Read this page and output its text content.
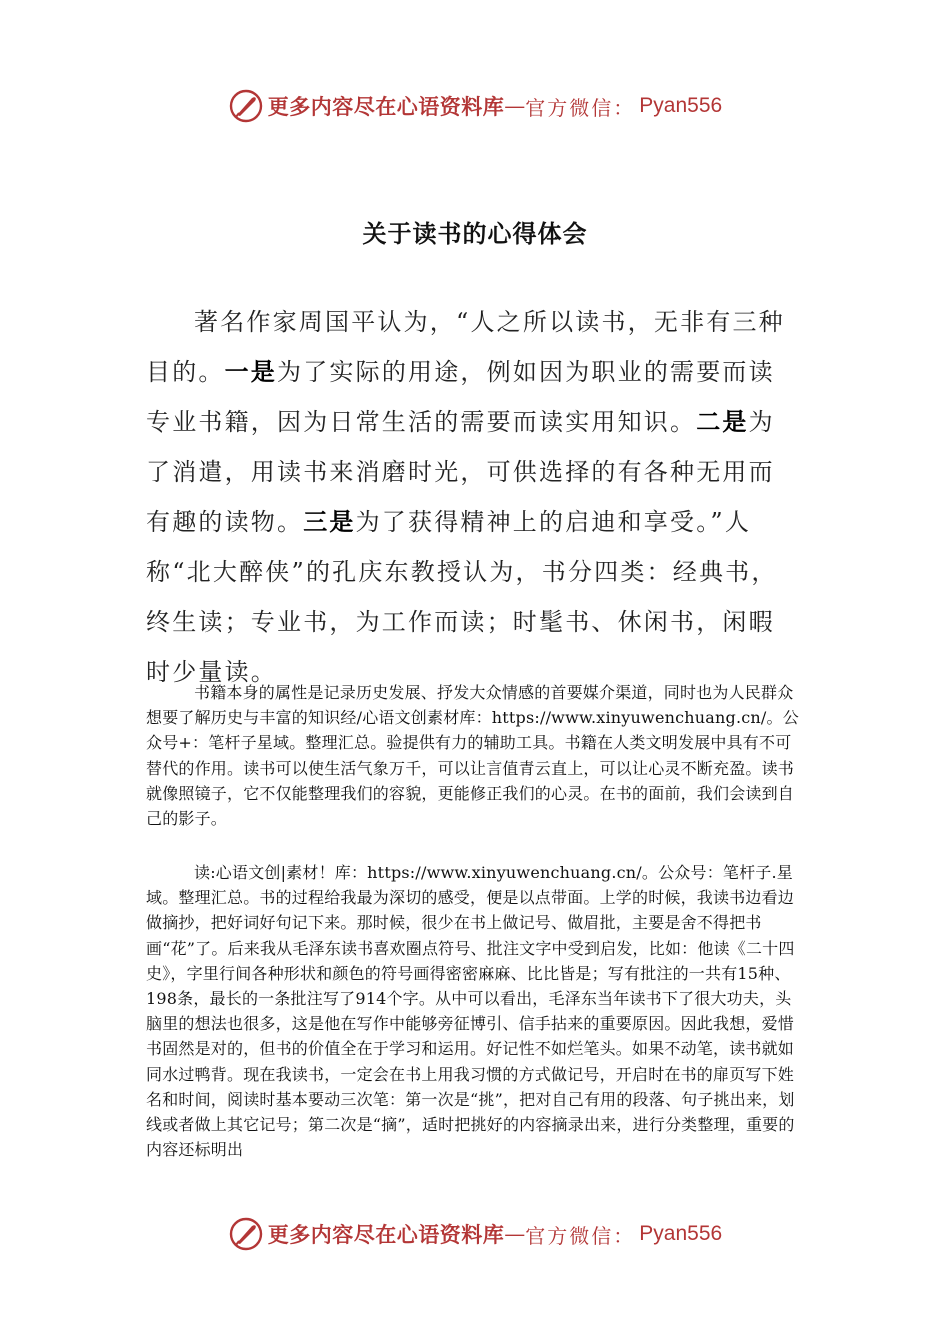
更多内容尽在心语资料库 — 官方微信： Pyan556
关于读书的心得体会

著名作家周国平认为，“人之所以读书，无非有三种目的。一是为了实际的用途，例如因为职业的需要而读专业书籍，因为日常生活的需要而读实用知识。二是为了消遣，用读书来消磨时光，可供选择的有各种无用而有趣的读物。三是为了获得精神上的启迪和享受。”人称“北大醉侠”的孔庆东教授认为，书分四类：经典书，终生读；专业书，为工作而读；时髦书、休闲书，闲暇时少量读。

书籍本身的属性是记录历史发展、抒发大众情感的首要媒介渠道，同时也为人民群众想要了解历史与丰富的知识经/心语文创素材库：https://www.xinyuwenchuang.cn/。公众号+：笔杆子星域。整理汇总。验提供有力的辅助工具。书籍在人类文明发展中具有不可替代的作用。读书可以使生活气象万千，可以让言值青云直上，可以让心灵不断充盈。读书就像照镜子，它不仅能整理我们的容貌，更能修正我们的心灵。在书的面前，我们会读到自己的影子。

读:心语文创|素材！库：https://www.xinyuwenchuang.cn/。公众号：笔杆子.星域。整理汇总。书的过程给我最为深切的感受，便是以点带面。上学的时候，我读书边看边做摘抄，把好词好句记下来。那时候，很少在书上做记号、做眉批，主要是舍不得把书画“花”了。后来我从毛泽东读书喜欢圈点符号、批注文字中受到启发，比如：他读《二十四史》，字里行间各种形状和颜色的符号画得密密麻麻、比比皆是；写有批注的一共有15种、198条，最长的一条批注写了914个字。从中可以看出，毛泽东当年读书下了很大功夫，头脑里的想法也很多，这是他在写作中能够旁征博引、信手拈来的重要原因。因此我想，爱惜书固然是对的，但书的价值全在于学习和运用。好记性不如烂笔头。如果不动笔，读书就如同水过鸭背。现在我读书，一定会在书上用我习惯的方式做记号，开启时在书的扉页写下姓名和时间，阅读时基本要动三次笔：第一次是“挑”，把对自己有用的段落、句子挑出来，划线或者做上其它记号；第二次是“摘”，适时把挑好的内容摘录出来，进行分类整理，重要的内容还标明出

更多内容尽在心语资料库 — 官方微信： Pyan556
